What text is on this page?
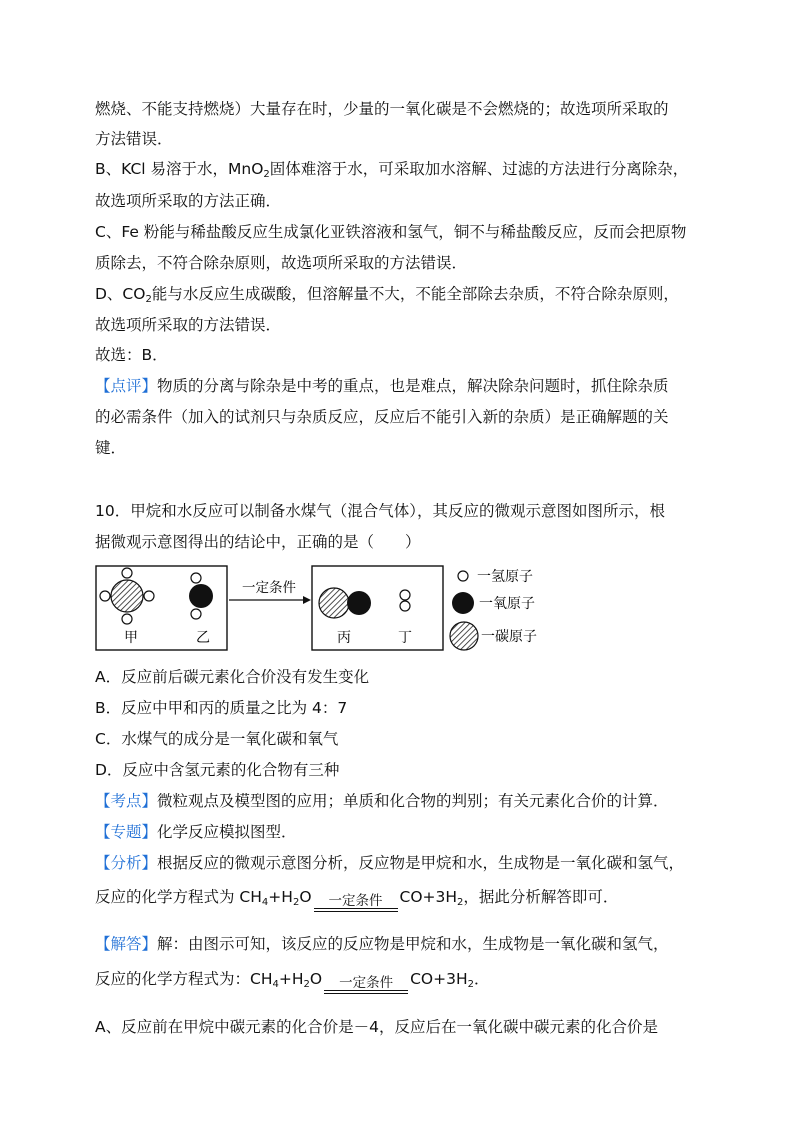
燃烧、不能支持燃烧）大量存在时，少量的一氧化碳是不会燃烧的；故选项所采取的
方法错误．
B、KCl 易溶于水，MnO$_2$固体难溶于水，可采取加水溶解、过滤的方法进行分离除杂，
故选项所采取的方法正确．
C、Fe 粉能与稀盐酸反应生成氯化亚铁溶液和氢气，铜不与稀盐酸反应，反而会把原物
质除去，不符合除杂原则，故选项所采取的方法错误．
D、$CO_2$能与水反应生成碳酸，但溶解量不大，不能全部除去杂质，不符合除杂原则，
故选项所采取的方法错误．
故选：B．
【点评】物质的分离与除杂是中考的重点，也是难点，解决除杂问题时，抓住除杂质
的必需条件（加入的试剂只与杂质反应，反应后不能引入新的杂质）是正确解题的关
键．
10．甲烷和水反应可以制备水煤气（混合气体），其反应的微观示意图如图所示，根
据微观示意图得出的结论中，正确的是（　　）
甲	乙
一定条件
丙	丁
一氢原子
一氧原子
一碳原子
A．反应前后碳元素化合价没有发生变化
B．反应中甲和丙的质量之比为 4：7
C．水煤气的成分是一氧化碳和氧气
D．反应中含氢元素的化合物有三种
【考点】微粒观点及模型图的应用；单质和化合物的判别；有关元素化合价的计算．
【专题】化学反应模拟图型．
【分析】根据反应的微观示意图分析，反应物是甲烷和水，生成物是一氧化碳和氢气，
反应的化学方程式为 $CH_4+H_2O$	一定条件	$CO+3H_2$，据此分析解答即可．
【解答】解：由图示可知，该反应的反应物是甲烷和水，生成物是一氧化碳和氢气，
反应的化学方程式为：$CH_4+H_2O$	一定条件	$CO+3H_2$．
A、反应前在甲烷中碳元素的化合价是－4，反应后在一氧化碳中碳元素的化合价是
